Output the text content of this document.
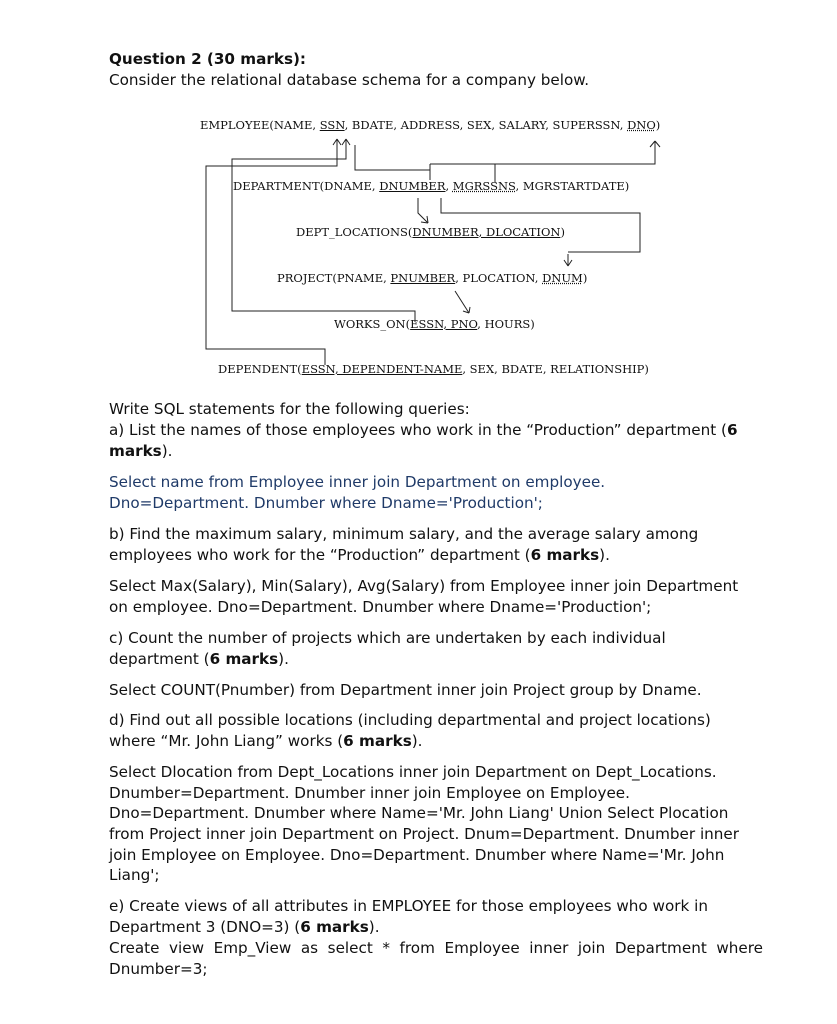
Question 2 (30 marks):

Consider the relational database schema for a company below.

EMPLOYEE(NAME, SSN, BDATE, ADDRESS, SEX, SALARY, SUPERSSN, DNO)
DEPARTMENT(DNAME, DNUMBER, MGRSSNS, MGRSTARTDATE)
DEPT_LOCATIONS(DNUMBER, DLOCATION)
PROJECT(PNAME, PNUMBER, PLOCATION, DNUM)
WORKS_ON(ESSN, PNO, HOURS)
DEPENDENT(ESSN, DEPENDENT-NAME, SEX, BDATE, RELATIONSHIP)

Write SQL statements for the following queries:

a) List the names of those employees who work in the “Production” department (6

marks).

Select name from Employee inner join Department on employee.

Dno=Department. Dnumber where Dname='Production';

b) Find the maximum salary, minimum salary, and the average salary among

employees who work for the “Production” department (6 marks).

Select Max(Salary), Min(Salary), Avg(Salary) from Employee inner join Department

on employee. Dno=Department. Dnumber where Dname='Production';

c) Count the number of projects which are undertaken by each individual

department (6 marks).

Select COUNT(Pnumber) from Department inner join Project group by Dname.

d) Find out all possible locations (including departmental and project locations)

where “Mr. John Liang” works (6 marks).

Select Dlocation from Dept_Locations inner join Department on Dept_Locations.

Dnumber=Department. Dnumber inner join Employee on Employee.

Dno=Department. Dnumber where Name='Mr. John Liang' Union Select Plocation

from Project inner join Department on Project. Dnum=Department. Dnumber inner

join Employee on Employee. Dno=Department. Dnumber where Name='Mr. John

Liang';

e) Create views of all attributes in EMPLOYEE for those employees who work in

Department 3 (DNO=3) (6 marks).

Create view Emp_View as select * from Employee inner join Department where

Dnumber=3;
